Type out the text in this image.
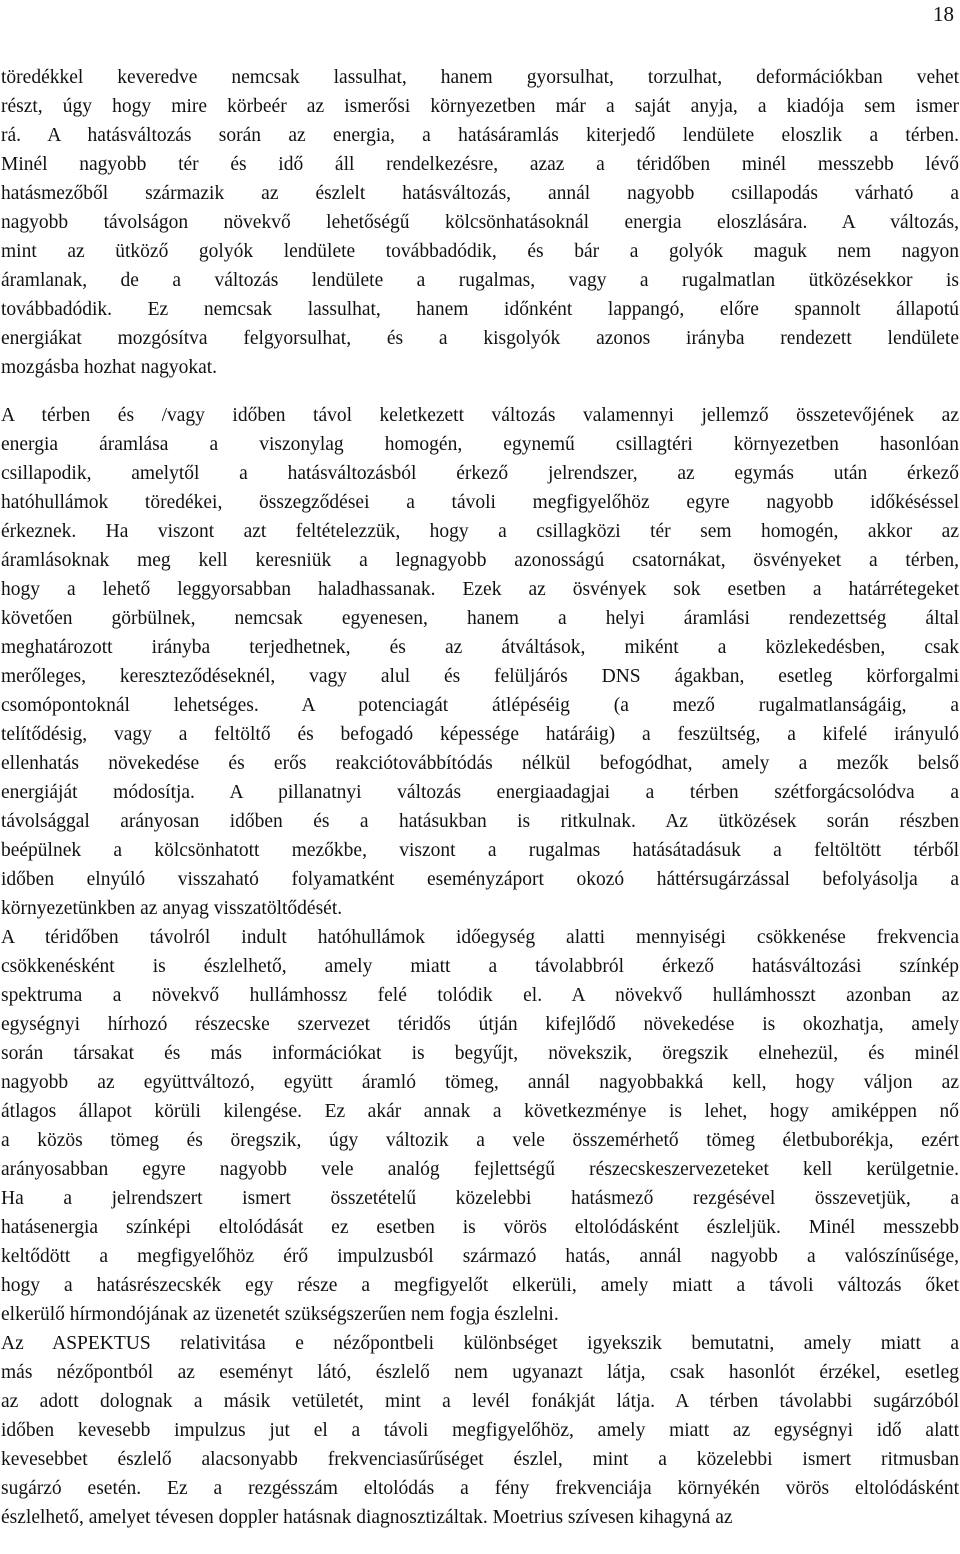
18

töredékkel keveredve nemcsak lassulhat, hanem gyorsulhat, torzulhat, deformációkban vehet
részt, úgy hogy mire körbeér az ismerősi környezetben már a saját anyja, a kiadója sem ismer
rá. A hatásváltozás során az energia, a hatásáramlás kiterjedő lendülete eloszlik a térben.
Minél nagyobb tér és idő áll rendelkezésre, azaz a téridőben minél messzebb lévő
hatásmezőből származik az észlelt hatásváltozás, annál nagyobb csillapodás várható a
nagyobb távolságon növekvő lehetőségű kölcsönhatásoknál energia eloszlására. A változás,
mint az ütköző golyók lendülete továbbadódik, és bár a golyók maguk nem nagyon
áramlanak, de a változás lendülete a rugalmas, vagy a rugalmatlan ütközésekkor is
továbbadódik. Ez nemcsak lassulhat, hanem időnként lappangó, előre spannolt állapotú
energiákat mozgósítva felgyorsulhat, és a kisgolyók azonos irányba rendezett lendülete
mozgásba hozhat nagyokat.

A térben és /vagy időben távol keletkezett változás valamennyi jellemző összetevőjének az
energia áramlása a viszonylag homogén, egynemű csillagtéri környezetben hasonlóan
csillapodik, amelytől a hatásváltozásból érkező jelrendszer, az egymás után érkező
hatóhullámok töredékei, összegződései a távoli megfigyelőhöz egyre nagyobb időkéséssel
érkeznek. Ha viszont azt feltételezzük, hogy a csillagközi tér sem homogén, akkor az
áramlásoknak meg kell keresniük a legnagyobb azonosságú csatornákat, ösvényeket a térben,
hogy a lehető leggyorsabban haladhassanak. Ezek az ösvények sok esetben a határrétegeket
követően görbülnek, nemcsak egyenesen, hanem a helyi áramlási rendezettség által
meghatározott irányba terjedhetnek, és az átváltások, miként a közlekedésben, csak
merőleges, kereszteződéseknél, vagy alul és felüljárós DNS ágakban, esetleg körforgalmi
csomópontoknál lehetséges. A potenciagát átlépéséig (a mező rugalmatlanságáig, a
telítődésig, vagy a feltöltő és befogadó képessége határáig) a feszültség, a kifelé irányuló
ellenhatás növekedése és erős reakciótovábbítódás nélkül befogódhat, amely a mezők belső
energiáját módosítja. A pillanatnyi változás energiaadagjai a térben szétforgácsolódva a
távolsággal arányosan időben és a hatásukban is ritkulnak. Az ütközések során részben
beépülnek a kölcsönhatott mezőkbe, viszont a rugalmas hatásátadásuk a feltöltött térből
időben elnyúló visszaható folyamatként eseményzáport okozó háttérsugárzással befolyásolja a
környezetünkben az anyag visszatöltődését.

A téridőben távolról indult hatóhullámok időegység alatti mennyiségi csökkenése frekvencia
csökkenésként is észlelhető, amely miatt a távolabbról érkező hatásváltozási színkép
spektruma a növekvő hullámhossz felé tolódik el. A növekvő hullámhosszt azonban az
egységnyi hírhozó részecske szervezet téridős útján kifejlődő növekedése is okozhatja, amely
során társakat és más információkat is begyűjt, növekszik, öregszik elnehezül, és minél
nagyobb az együttváltozó, együtt áramló tömeg, annál nagyobbakká kell, hogy váljon az
átlagos állapot körüli kilengése. Ez akár annak a következménye is lehet, hogy amiképpen nő
a közös tömeg és öregszik, úgy változik a vele összemérhető tömeg életbuborékja, ezért
arányosabban egyre nagyobb vele analóg fejlettségű részecskeszervezeteket kell kerülgetnie.
Ha a jelrendszert ismert összetételű közelebbi hatásmező rezgésével összevetjük, a
hatásenergia színképi eltolódását ez esetben is vörös eltolódásként észleljük. Minél messzebb
keltődött a megfigyelőhöz érő impulzusból származó hatás, annál nagyobb a valószínűsége,
hogy a hatásrészecskék egy része a megfigyelőt elkerüli, amely miatt a távoli változás őket
elkerülő hírmondójának az üzenetét szükségszerűen nem fogja észlelni.

Az ASPEKTUS relativitása e nézőpontbeli különbséget igyekszik bemutatni, amely miatt a
más nézőpontból az eseményt látó, észlelő nem ugyanazt látja, csak hasonlót érzékel, esetleg
az adott dolognak a másik vetületét, mint a levél fonákját látja. A térben távolabbi sugárzóból
időben kevesebb impulzus jut el a távoli megfigyelőhöz, amely miatt az egységnyi idő alatt
kevesebbet észlelő alacsonyabb frekvenciasűrűséget észlel, mint a közelebbi ismert ritmusban
sugárzó esetén. Ez a rezgésszám eltolódás a fény frekvenciája környékén vörös eltolódásként
észlelhető, amelyet tévesen doppler hatásnak diagnosztizáltak. Moetrius szívesen kihagyná az
